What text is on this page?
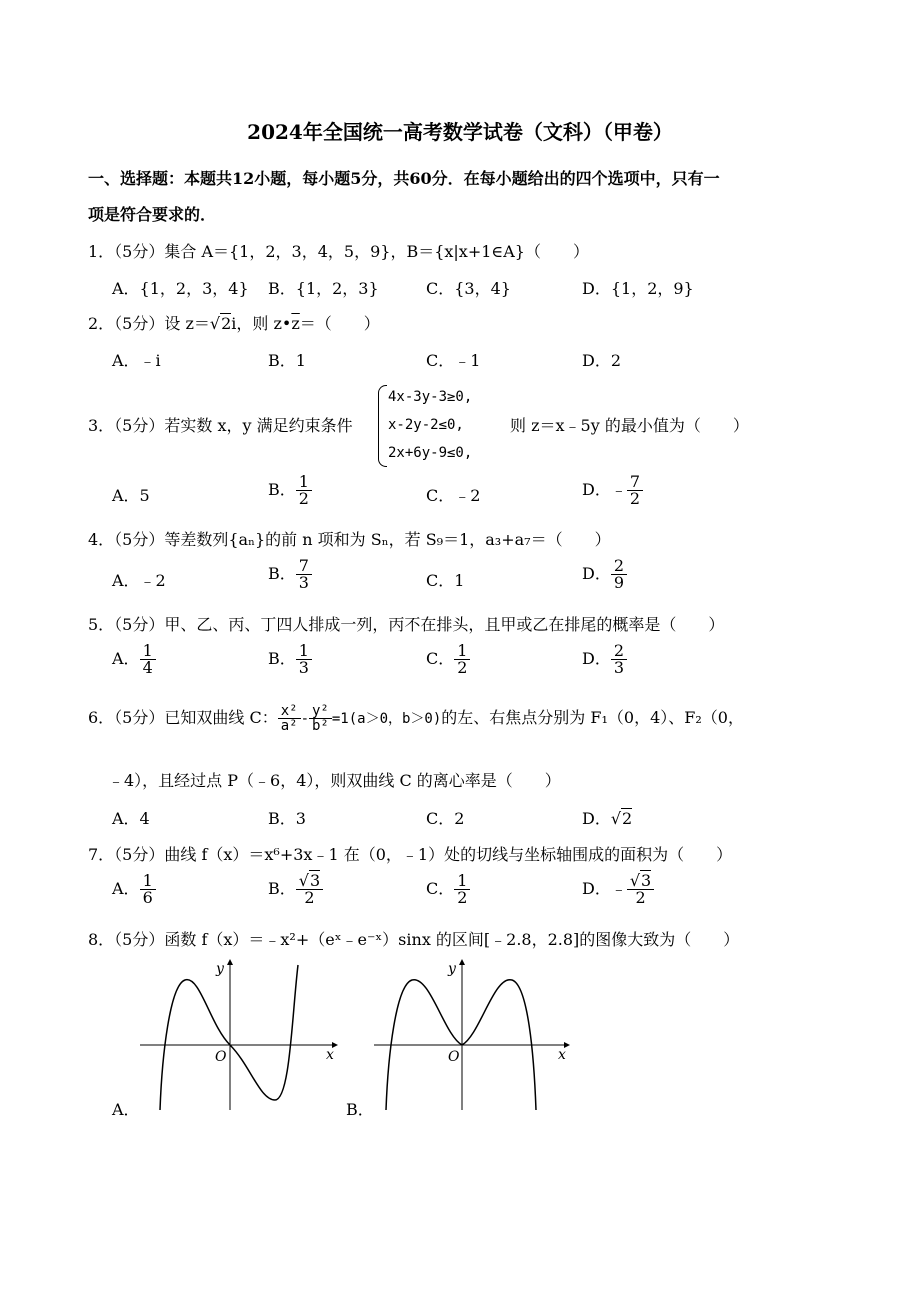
2024年全国统一高考数学试卷（文科）（甲卷）
一、选择题：本题共12小题，每小题5分，共60分．在每小题给出的四个选项中，只有一
项是符合要求的．
1．（5分）集合 A＝{1，2，3，4，5，9}，B＝{x|x+1∈A}（　　）
A．{1，2，3，4} B．{1，2，3}	C．{3，4}	D．{1，2，9}
2．（5分）设 z＝√2i，则 $z•\overline{z}=$（　　）
A．﹣i	B．1	C．﹣1	D．2
3．（5分）若实数 x，y 满足约束条件
4x-3y-3≥0,
x-2y-2≤0,
2x+6y-9≤0,
则 z＝x﹣5y 的最小值为（　　）
A．5	B． $\frac{1}{2}$	C．﹣2	D．﹣ $\frac{7}{2}$
4．（5分）等差数列{aₙ}的前 n 项和为 Sₙ，若 S₉＝1，a₃+a₇＝（　　）
A．﹣2	B． $\frac{7}{3}$	C．1	D． $\frac{2}{9}$
5．（5分）甲、乙、丙、丁四人排成一列，丙不在排头，且甲或乙在排尾的概率是（　　）
A． $\frac{1}{4}$	B． $\frac{1}{3}$	C． $\frac{1}{2}$	D． $\frac{2}{3}$
6．（5分）已知双曲线 C： $\frac{\text{x²}}{\text{a²}} - \frac{\text{y²}}{\text{b²}} =1(a>0$，b＞0)的左、右焦点分别为 F₁（0，4）、F₂（0，
﹣4），且经过点 P（﹣6，4），则双曲线 C 的离心率是（　　）
A．4	B．3	C．2	D．√2
7．（5分）曲线 f（x）＝x⁶+3x﹣1 在（0，﹣1）处的切线与坐标轴围成的面积为（　　）
A． $\frac{1}{6}$	B． $\frac{√3}{2}$	C． $\frac{1}{2}$	D．﹣ $\frac{√3}{2}$
8．（5分）函数 f（x）＝﹣x²+（eˣ﹣e⁻ˣ）sinx 的区间[﹣2.8，2.8]的图像大致为（　　）
O	x
y
A．
O	x
y
B．
